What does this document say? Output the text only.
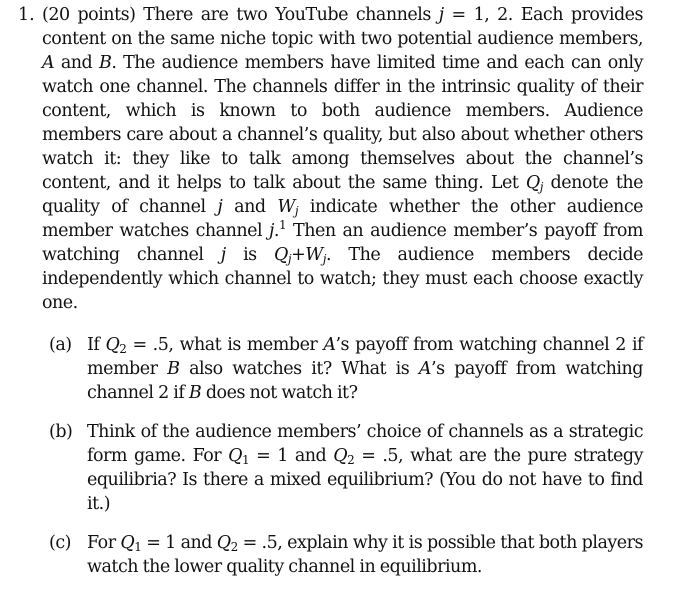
1. (20 points) There are two YouTube channels j = 1, 2. Each provides content on the same niche topic with two potential audience members, A and B. The audience members have limited time and each can only watch one channel. The channels differ in the intrinsic quality of their content, which is known to both audience members. Audience members care about a channel’s quality, but also about whether others watch it: they like to talk among themselves about the channel’s content, and it helps to talk about the same thing. Let $Q_j$ denote the quality of channel j and $W_j$ indicate whether the other audience member watches channel j.$^1$ Then an audience member’s payoff from watching channel j is $Q_j+W_j$. The audience members decide independently which channel to watch; they must each choose exactly one.
(a) If $Q_2 = .5$, what is member A’s payoff from watching channel 2 if member B also watches it? What is A’s payoff from watching channel 2 if B does not watch it?
(b) Think of the audience members’ choice of channels as a strategic form game. For $Q_1 = 1$ and $Q_2 = .5$, what are the pure strategy equilibria? Is there a mixed equilibrium? (You do not have to find it.)
(c) For $Q_1 = 1$ and $Q_2 = .5$, explain why it is possible that both players watch the lower quality channel in equilibrium.
